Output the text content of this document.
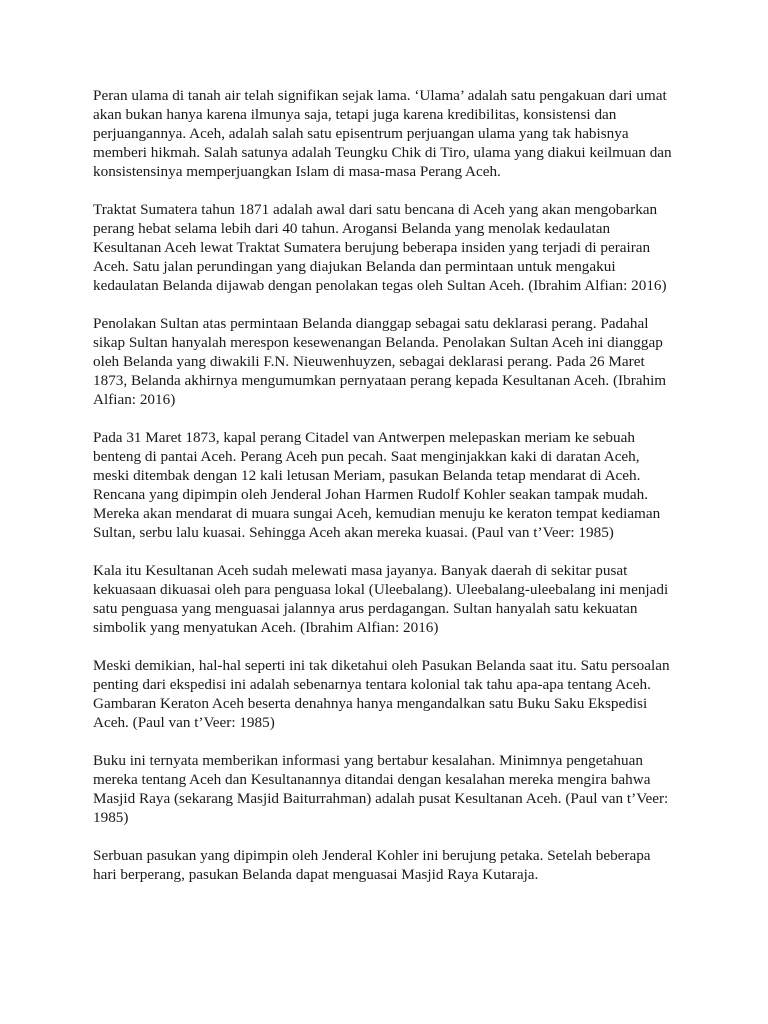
Peran ulama di tanah air telah signifikan sejak lama. ‘Ulama’ adalah satu pengakuan dari umat akan bukan hanya karena ilmunya saja, tetapi juga karena kredibilitas, konsistensi dan perjuangannya. Aceh, adalah salah satu episentrum perjuangan ulama yang tak habisnya memberi hikmah. Salah satunya adalah Teungku Chik di Tiro, ulama yang diakui keilmuan dan konsistensinya memperjuangkan Islam di masa-masa Perang Aceh.

Traktat Sumatera tahun 1871 adalah awal dari satu bencana di Aceh yang akan mengobarkan perang hebat selama lebih dari 40 tahun. Arogansi Belanda yang menolak kedaulatan Kesultanan Aceh lewat Traktat Sumatera berujung beberapa insiden yang terjadi di perairan Aceh. Satu jalan perundingan yang diajukan Belanda dan permintaan untuk mengakui kedaulatan Belanda dijawab dengan penolakan tegas oleh Sultan Aceh. (Ibrahim Alfian: 2016)

Penolakan Sultan atas permintaan Belanda dianggap sebagai satu deklarasi perang. Padahal sikap Sultan hanyalah merespon kesewenangan Belanda. Penolakan Sultan Aceh ini dianggap oleh Belanda yang diwakili F.N. Nieuwenhuyzen, sebagai deklarasi perang. Pada 26 Maret 1873, Belanda akhirnya mengumumkan pernyataan perang kepada Kesultanan Aceh. (Ibrahim Alfian: 2016)

Pada 31 Maret 1873, kapal perang Citadel van Antwerpen melepaskan meriam ke sebuah benteng di pantai Aceh. Perang Aceh pun pecah. Saat menginjakkan kaki di daratan Aceh, meski ditembak dengan 12 kali letusan Meriam, pasukan Belanda tetap mendarat di Aceh. Rencana yang dipimpin oleh Jenderal Johan Harmen Rudolf Kohler seakan tampak mudah. Mereka akan mendarat di muara sungai Aceh, kemudian menuju ke keraton tempat kediaman Sultan, serbu lalu kuasai. Sehingga Aceh akan mereka kuasai. (Paul van t’Veer: 1985)

Kala itu Kesultanan Aceh sudah melewati masa jayanya. Banyak daerah di sekitar pusat kekuasaan dikuasai oleh para penguasa lokal (Uleebalang). Uleebalang-uleebalang ini menjadi satu penguasa yang menguasai jalannya arus perdagangan. Sultan hanyalah satu kekuatan simbolik yang menyatukan Aceh. (Ibrahim Alfian: 2016)

Meski demikian, hal-hal seperti ini tak diketahui oleh Pasukan Belanda saat itu. Satu persoalan penting dari ekspedisi ini adalah sebenarnya tentara kolonial tak tahu apa-apa tentang Aceh. Gambaran Keraton Aceh beserta denahnya hanya mengandalkan satu Buku Saku Ekspedisi Aceh. (Paul van t’Veer: 1985)

Buku ini ternyata memberikan informasi yang bertabur kesalahan. Minimnya pengetahuan mereka tentang Aceh dan Kesultanannya ditandai dengan kesalahan mereka mengira bahwa Masjid Raya (sekarang Masjid Baiturrahman) adalah pusat Kesultanan Aceh. (Paul van t’Veer: 1985)

Serbuan pasukan yang dipimpin oleh Jenderal Kohler ini berujung petaka. Setelah beberapa hari berperang, pasukan Belanda dapat menguasai Masjid Raya Kutaraja.
